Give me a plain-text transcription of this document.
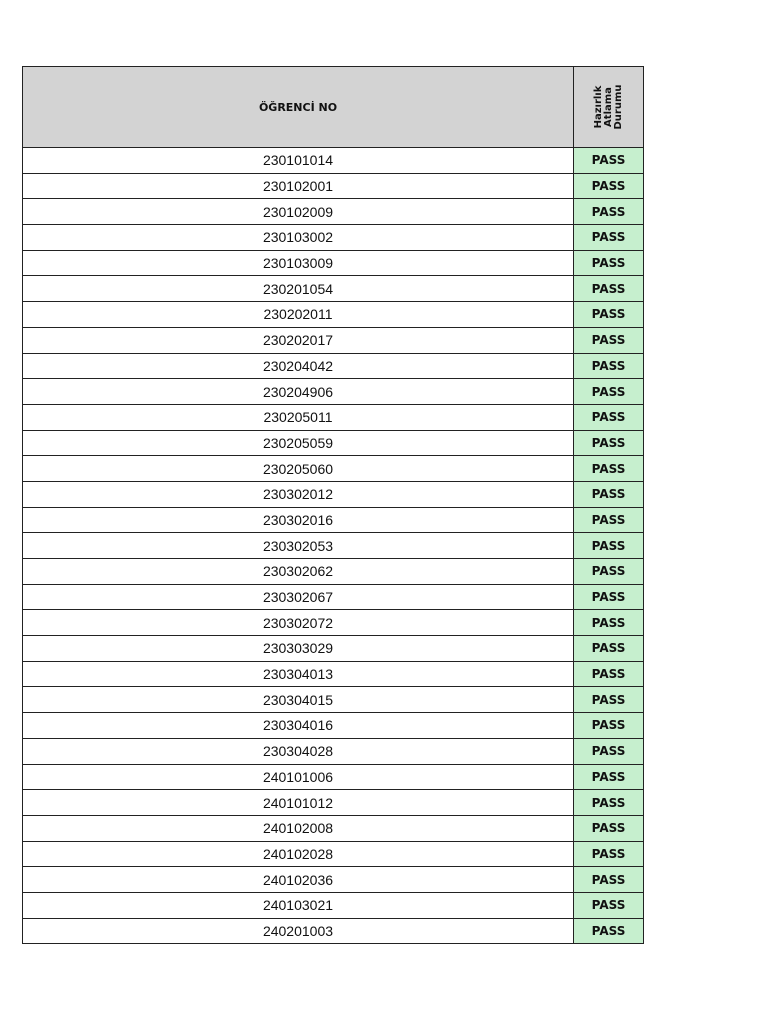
ÖĞRENCİ NO	Hazırlık Atlama Durumu

230101014	PASS
230102001	PASS
230102009	PASS
230103002	PASS
230103009	PASS
230201054	PASS
230202011	PASS
230202017	PASS
230204042	PASS
230204906	PASS
230205011	PASS
230205059	PASS
230205060	PASS
230302012	PASS
230302016	PASS
230302053	PASS
230302062	PASS
230302067	PASS
230302072	PASS
230303029	PASS
230304013	PASS
230304015	PASS
230304016	PASS
230304028	PASS
240101006	PASS
240101012	PASS
240102008	PASS
240102028	PASS
240102036	PASS
240103021	PASS
240201003	PASS
